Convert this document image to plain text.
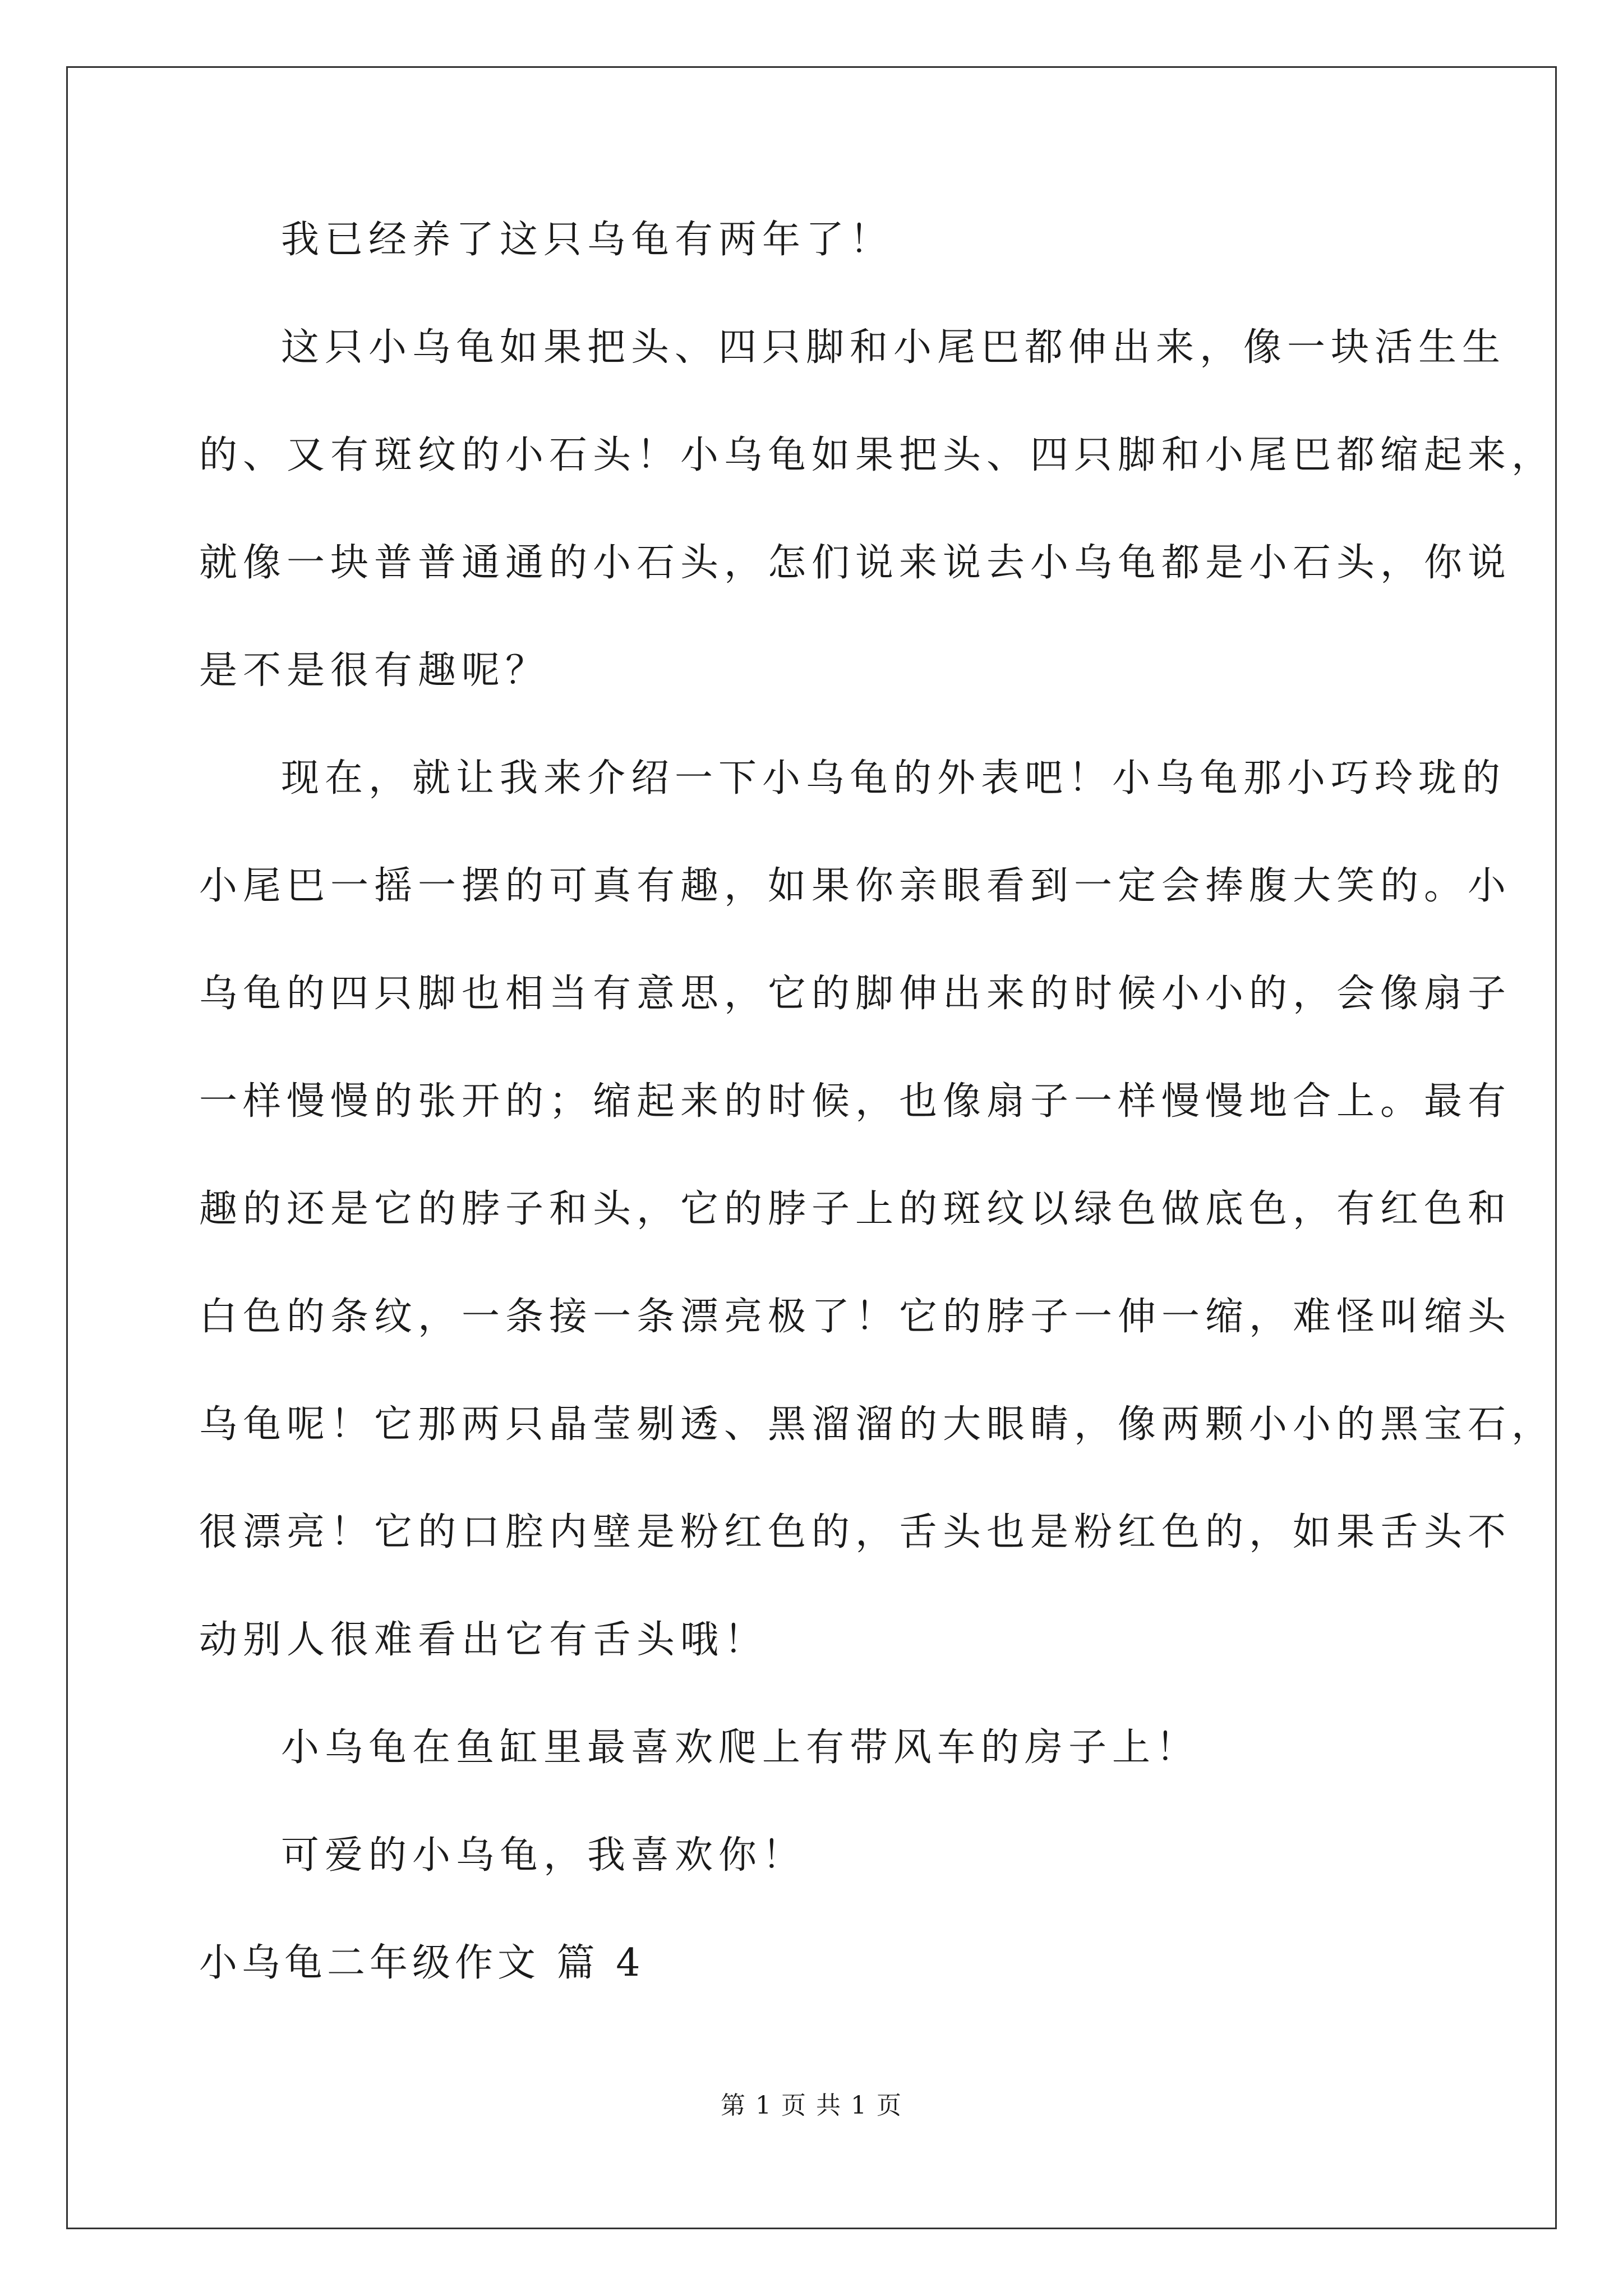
我已经养了这只乌龟有两年了！
这只小乌龟如果把头、四只脚和小尾巴都伸出来，像一块活生生
的、又有斑纹的小石头！小乌龟如果把头、四只脚和小尾巴都缩起来，
就像一块普普通通的小石头，怎们说来说去小乌龟都是小石头，你说
是不是很有趣呢？
现在，就让我来介绍一下小乌龟的外表吧！小乌龟那小巧玲珑的
小尾巴一摇一摆的可真有趣，如果你亲眼看到一定会捧腹大笑的。小
乌龟的四只脚也相当有意思，它的脚伸出来的时候小小的，会像扇子
一样慢慢的张开的；缩起来的时候，也像扇子一样慢慢地合上。最有
趣的还是它的脖子和头，它的脖子上的斑纹以绿色做底色，有红色和
白色的条纹，一条接一条漂亮极了！它的脖子一伸一缩，难怪叫缩头
乌龟呢！它那两只晶莹剔透、黑溜溜的大眼睛，像两颗小小的黑宝石，
很漂亮！它的口腔内壁是粉红色的，舌头也是粉红色的，如果舌头不
动别人很难看出它有舌头哦！
小乌龟在鱼缸里最喜欢爬上有带风车的房子上！
可爱的小乌龟，我喜欢你！
小乌龟二年级作文 篇 4
第 1 页 共 1 页
